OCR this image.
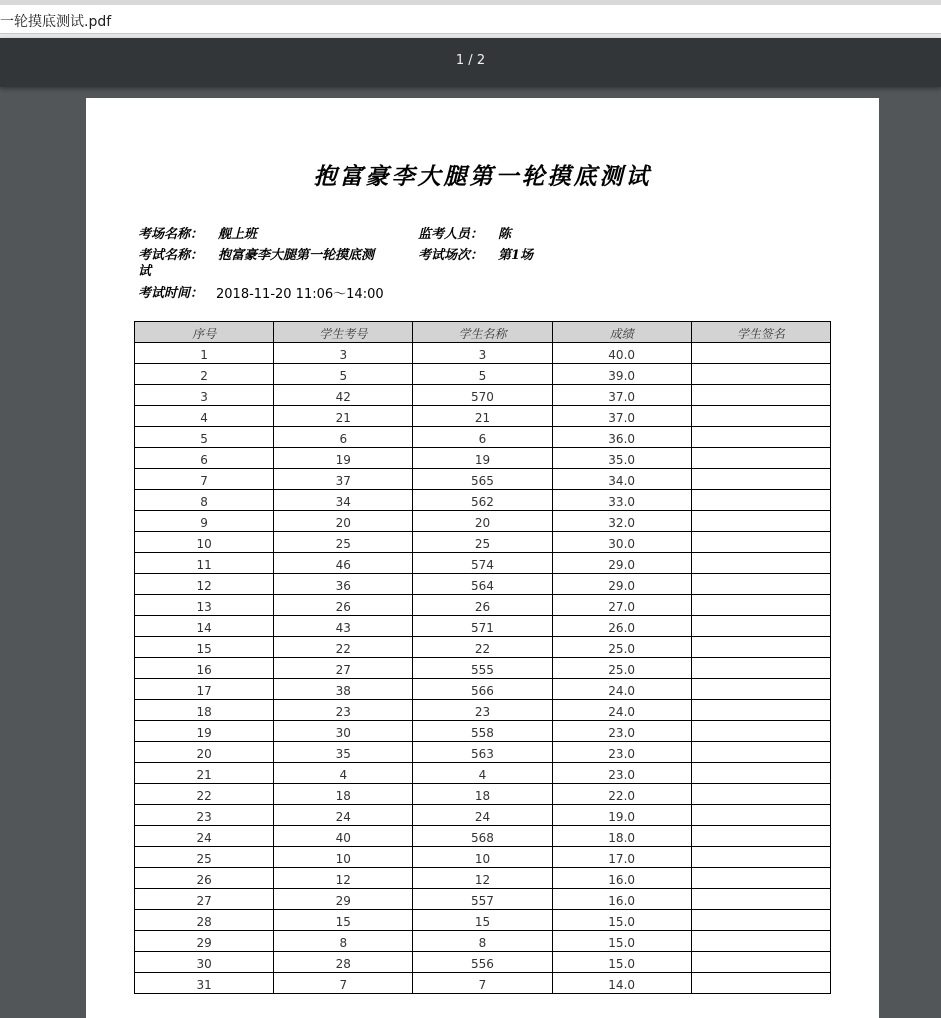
一轮摸底测试.pdf
1 / 2
抱富豪李大腿第一轮摸底测试
考场名称： 舰上班	监考人员： 陈
考试名称： 抱富豪李大腿第一轮摸底测
试
考试场次： 第1场
考试时间： 2018-11-20 11:06～14:00
序号	学生考号	学生名称	成绩	学生签名
1	3	3	40.0	
2	5	5	39.0	
3	42	570	37.0	
4	21	21	37.0	
5	6	6	36.0	
6	19	19	35.0	
7	37	565	34.0	
8	34	562	33.0	
9	20	20	32.0	
10	25	25	30.0	
11	46	574	29.0	
12	36	564	29.0	
13	26	26	27.0	
14	43	571	26.0	
15	22	22	25.0	
16	27	555	25.0	
17	38	566	24.0	
18	23	23	24.0	
19	30	558	23.0	
20	35	563	23.0	
21	4	4	23.0	
22	18	18	22.0	
23	24	24	19.0	
24	40	568	18.0	
25	10	10	17.0	
26	12	12	16.0	
27	29	557	16.0	
28	15	15	15.0	
29	8	8	15.0	
30	28	556	15.0	
31	7	7	14.0	
